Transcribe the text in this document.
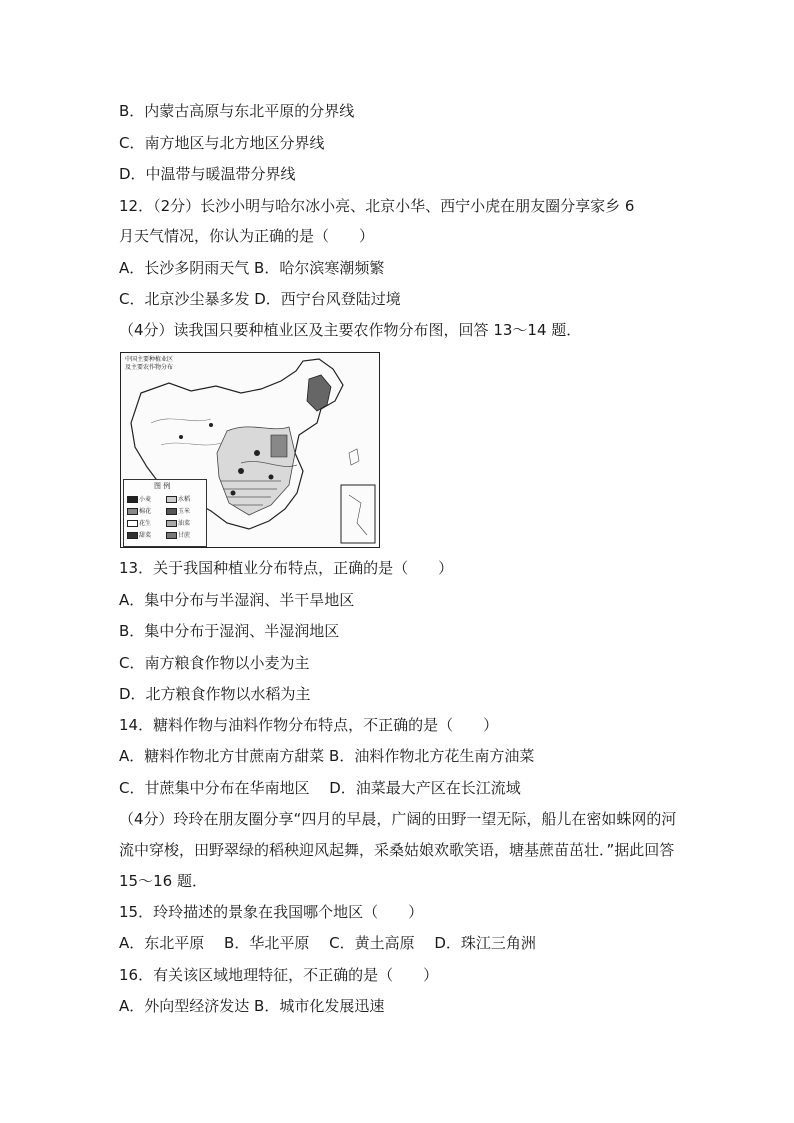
B．内蒙古高原与东北平原的分界线
C．南方地区与北方地区分界线
D．中温带与暖温带分界线
12．（2分）长沙小明与哈尔冰小亮、北京小华、西宁小虎在朋友圈分享家乡 6
月天气情况，你认为正确的是（　　）
A．长沙多阴雨天气 B．哈尔滨寒潮频繁
C．北京沙尘暴多发 D．西宁台风登陆过境
（4分）读我国只要种植业区及主要农作物分布图，回答 13～14 题．
中国主要种植业区
及主要农作物分布
图 例
小麦	水稻
棉花	玉米
花生	油菜
甜菜	甘蔗
13．关于我国种植业分布特点，正确的是（　　）
A．集中分布与半湿润、半干旱地区
B．集中分布于湿润、半湿润地区
C．南方粮食作物以小麦为主
D．北方粮食作物以水稻为主
14．糖料作物与油料作物分布特点，不正确的是（　　）
A．糖料作物北方甘蔗南方甜菜 B．油料作物北方花生南方油菜
C．甘蔗集中分布在华南地区　 D．油菜最大产区在长江流域
（4分）玲玲在朋友圈分享“四月的早晨，广阔的田野一望无际，船儿在密如蛛网的河流中穿梭，田野翠绿的稻秧迎风起舞，采桑姑娘欢歌笑语，塘基蔗苗茁壮．”据此回答 15～16 题．
15．玲玲描述的景象在我国哪个地区（　　）
A．东北平原　 B．华北平原　 C．黄土高原　 D．珠江三角洲
16．有关该区域地理特征，不正确的是（　　）
A．外向型经济发达 B．城市化发展迅速
